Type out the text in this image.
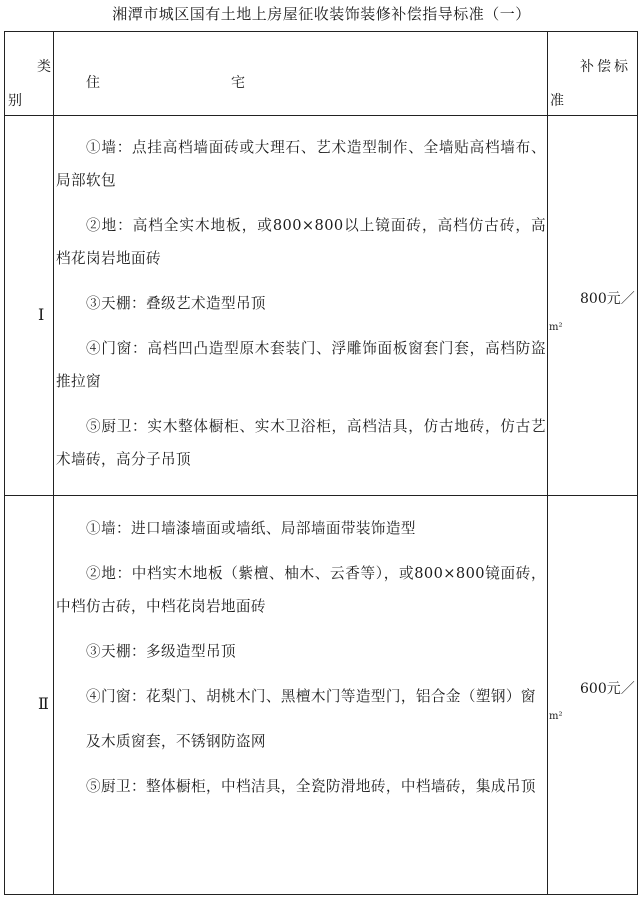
湘潭市城区国有土地上房屋征收装饰装修补偿指导标准（一）
类
别
住	宅
补偿标
准
Ⅰ
800元／
m²
①墙：点挂高档墙面砖或大理石、艺术造型制作、全墙贴高档墙布、局部软包
②地：高档全实木地板，或800×800以上镜面砖，高档仿古砖，高档花岗岩地面砖
③天棚：叠级艺术造型吊顶
④门窗：高档凹凸造型原木套装门、浮雕饰面板窗套门套，高档防盗推拉窗
⑤厨卫：实木整体橱柜、实木卫浴柜，高档洁具，仿古地砖，仿古艺术墙砖，高分子吊顶
Ⅱ
600元／
m²
①墙：进口墙漆墙面或墙纸、局部墙面带装饰造型
②地：中档实木地板（紫檀、柚木、云香等），或800×800镜面砖，中档仿古砖，中档花岗岩地面砖
③天棚：多级造型吊顶
④门窗：花梨门、胡桃木门、黑檀木门等造型门，铝合金（塑钢）窗
及木质窗套，不锈钢防盗网
⑤厨卫：整体橱柜，中档洁具，全瓷防滑地砖，中档墙砖，集成吊顶
